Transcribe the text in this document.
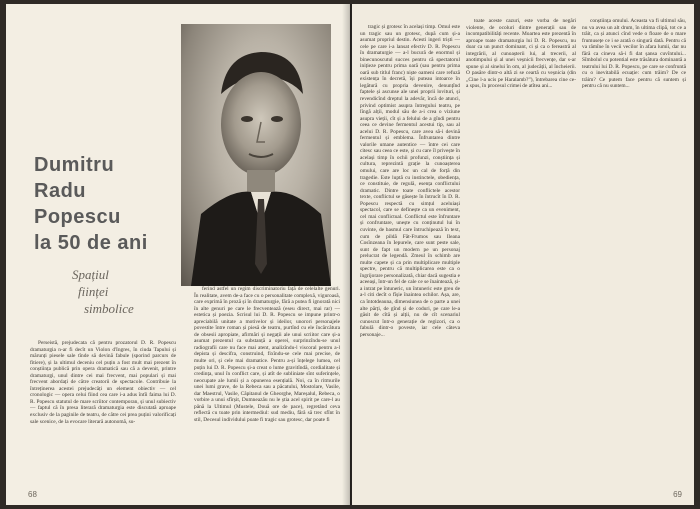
Dumitru
Radu
Popescu
la 50 de ani
Spațiul
ființei
simbolice

Perseistă, prejudecata că pentru prozatorul D. R. Popescu dramaturgia n-ar fi decît un Violon d'Ingres, în ciuda Tapului și mărunți piesele sale tînde să devină fabule (sporind parcurs de fitiere), și la ultimul deceniu cel puțin a fost mult mai prezent în conștiința publică prin opera dramatică sau că a devenit, printre dramaturgi, unul dintre cei mai frecvent, mai populari și mai frecvent abordați de către creatorii de spectacole. Contribuie la întreținerea acestei prejudecăți un element obiectiv — cel cronologic — opera celui fiind cea care i-a adus întîi faima lui D. R. Popescu statutul de mare scriitor contemporan, și unul subiectiv — faptul că în presa literară dramaturgia este discutată aproape exclusiv de la paginile de teatru, de către cei prea puțini valorificați sale scenice, de la evocare literară autonomă, su-

ferind astfel un regim discriminatoriu față de celelalte genuri. În realitate, avem de-a face cu o personalitate complexă, viguroasă, care exprimă în proză și în dramaturgie, fără a putea fi ignorată nici în alte genuri pe care le frecventează (eseu direct, mai rar) — estetica și poezia. Scrisul lui D. R. Popescu se impune printr-o apreciabilă unitate a motivelor și ideilor, unorori personajele povestite între roman și piesă de teatru, purtînd cu ele încărcătura de obsesii apropiate, afirmări și negații ale unui scriitor care și-a asumat prezentul ca substanță a operei, surprinzîndu-se unul radiografii care nu face mai atent, analizîndu-l viscoral pentru a-l depista și descifra, construind, fixîndu-se cele mai precise, de multe ori, și cele mai dramatice. Pentru a-și înțelege lumea, cel puțin lui D. R. Popescu și-a creat o lume gravitîndă, cordialitate și credința, unul în conflict care, și atît de subliniate sînt suferințele, neocupate ale lumii și a opunerea esențială. Noi, ca în ritmurile unei lumi grave, de la Rebeca sau a păcatului, Mostolare, Vasile, dar Maestrul, Vasile, Căpitanul de Gheorghe, Mareșalul, Rebeca, o vorbire a unui sfîrșit, Dumneazău nu le știa acel spirit pe care-l au până la Ultimul (Mustele, Două ore de pace), regretând ceva reflectă cu toate prin intermediul: sud mediu, fără să trec sfînt în stil, Decesul individului poate fi tragic sau grotesc, dar poate fi

68

tragic și grotesc în același timp. Omul este un tragic sau un grotesc, după cum și-a asumat propriul destin. Acesti ingeri triști — cele pe care i-a lansat efectiv D. R. Popescu în dramaturgie — a-l bucură de enormul și binecunoscutul succes pentru că spectatorul inițieze pentru prima oară (sau pentru prima oară sub titlul franc) niște oameni care refuză existența în decretă, își puteau intoarce în legătură cu propria devenire, denunțînd faptele și ascunse ale unei proprii lovituri, și revendicînd dreptul la adevăr, încă de atunci, privind optimist asupra întregului teatru, pe lîngă alții, modul său de a-i crea o viziune asupra vieții, cît și a felului de a gîndi pentru ceea ce devine fermentul acestui tip, sau al acelui D. R. Popescu, care avea să-i devină fermentul și emblema. Înfruntarea dintre valorile umane autentice — între cei care citesc sau ceea ce este, și cu care îl privește în același timp în ochii profunzi, conștiința și cultura, reprezintă grație la cunoașterea omului, care are loc un cal de forță din tragedie. Este luptă cu instinctele, obediența, ce constituie, de regulă, esența conflictului dramatic. Dintre toate conflictele acestor texte, conflictul se găsește în întrucît în D. R. Popescu respectă cu simțul aceluiași spectacol, care se definește ca un eveniment, cel mai conflictual. Conflictul este înfruntare și confruntare, unește cu conținutul lui în cuvinte, de basmul care întruchipează în text, cum de pildă Făt-Frumos sau Ileana Cosînzeana în Iepurele, care sunt peste sale, sunt de fapt un modern pe un personaj prelucrat de legendă. Zmeul în schimb are multe capete și ca prin multiplicare multiple spectre, pentru că multiplicarea este ca o îngrijorare personalizată, chiar dacă sugestia e aceeași, într-un fel de cale ce se înaintează, și-a intrat pe întuneric, un întuneric este greu de a-l citi decît o fîșie înaintea ochilor. Așa, are, ca întotdeauna, dimensiunea de o parte a unei alte părți, de gînd și de coduri, pe care le-a găsit de cîtă și alții, nu de cît scenariul cunoscut într-o generație de regizori, ca o fabulă dintr-o poveste, iar cele câteva personaje...

toate aceste cazuri, este vorba de negări violente, de ocoluri dintre generații sau de incompatibilități recente. Moartea este prezentă în aproape toate dramaturgia lui D. R. Popescu, nu doar ca un punct dominant, ci și ca o fereastră al integrării, al cunoașterii lui, al trecerii, al anotimpului și al unei veșnicii frecvențe, dar s-ar spune și al sinelui în om, al judecății, al încheierii. O pasăre dintr-o altă zi se ceartă cu veșnicia (din „Cine l-a ucis pe Haralamb?”), întrebarea cine ce-a spus, în procesul crimei de atîtea ani...

conștiința omului. Aceasta va fi ultimul său, nu va avea un alt drum, în ultima clipă, tot ce a trăit, ca și atunci cînd vede o floare de o mare frumusețe ce i se arată o singură dată. Pentru că va rămîne în vecii vecilor în afara lumii, dar nu fără ca cineva să-i fi dat șansa cuvîntului... Sîmbolul cu potential este trăsătura dominantă a teatrului lui D. R. Popescu, pe care se confruntă cu o inevitabilă ecuație: cum trăim? De ce trăim? Ce putem face pentru că suntem și pentru că nu suntem...

69
